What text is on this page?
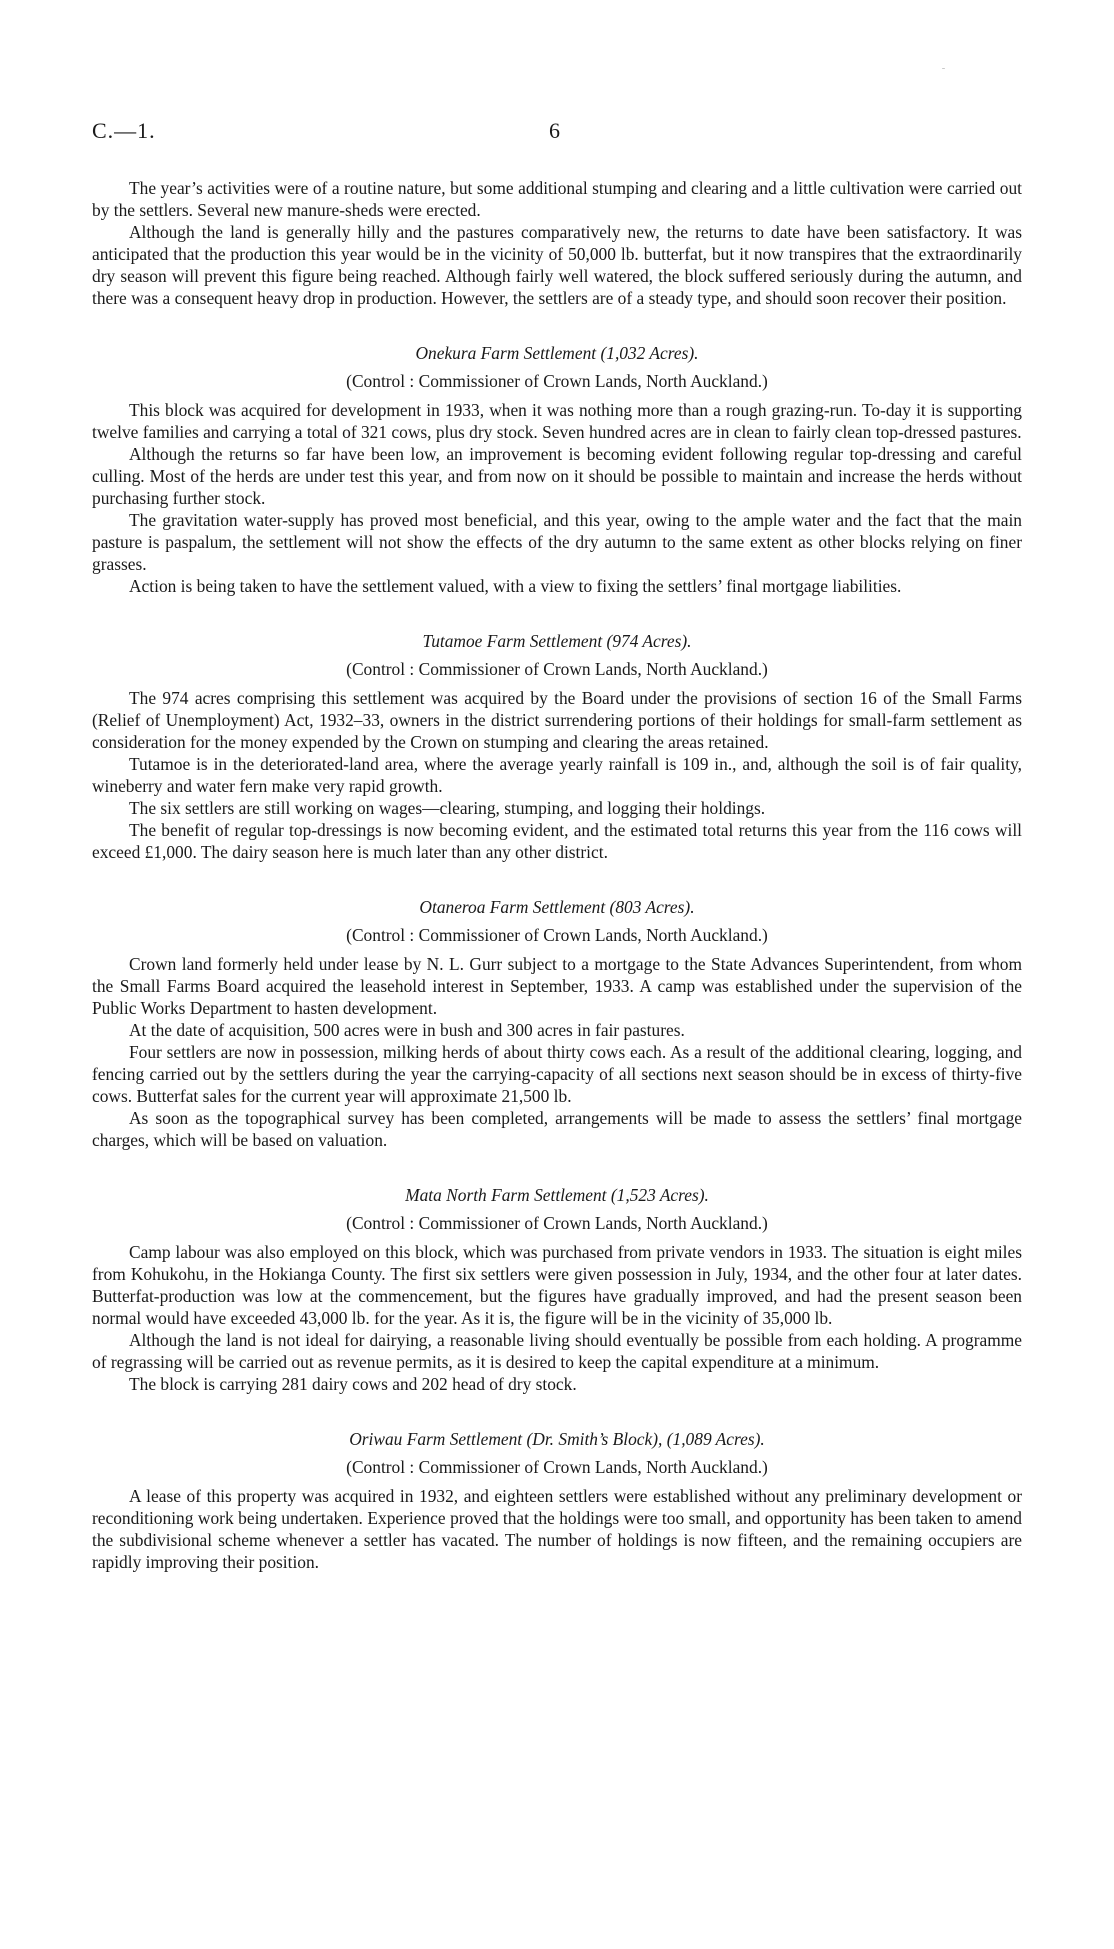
C.—1.	6

The year’s activities were of a routine nature, but some additional stumping and clearing and a little cultivation were carried out by the settlers. Several new manure-sheds were erected.

Although the land is generally hilly and the pastures comparatively new, the returns to date have been satisfactory. It was anticipated that the production this year would be in the vicinity of 50,000 lb. butterfat, but it now transpires that the extraordinarily dry season will prevent this figure being reached. Although fairly well watered, the block suffered seriously during the autumn, and there was a consequent heavy drop in production. However, the settlers are of a steady type, and should soon recover their position.

Onekura Farm Settlement (1,032 Acres).
(Control : Commissioner of Crown Lands, North Auckland.)

This block was acquired for development in 1933, when it was nothing more than a rough grazing-run. To-day it is supporting twelve families and carrying a total of 321 cows, plus dry stock. Seven hundred acres are in clean to fairly clean top-dressed pastures.

Although the returns so far have been low, an improvement is becoming evident following regular top-dressing and careful culling. Most of the herds are under test this year, and from now on it should be possible to maintain and increase the herds without purchasing further stock.

The gravitation water-supply has proved most beneficial, and this year, owing to the ample water and the fact that the main pasture is paspalum, the settlement will not show the effects of the dry autumn to the same extent as other blocks relying on finer grasses.

Action is being taken to have the settlement valued, with a view to fixing the settlers’ final mortgage liabilities.

Tutamoe Farm Settlement (974 Acres).
(Control : Commissioner of Crown Lands, North Auckland.)

The 974 acres comprising this settlement was acquired by the Board under the provisions of section 16 of the Small Farms (Relief of Unemployment) Act, 1932–33, owners in the district surrendering portions of their holdings for small-farm settlement as consideration for the money expended by the Crown on stumping and clearing the areas retained.

Tutamoe is in the deteriorated-land area, where the average yearly rainfall is 109 in., and, although the soil is of fair quality, wineberry and water fern make very rapid growth.

The six settlers are still working on wages—clearing, stumping, and logging their holdings.

The benefit of regular top-dressings is now becoming evident, and the estimated total returns this year from the 116 cows will exceed £1,000. The dairy season here is much later than any other district.

Otaneroa Farm Settlement (803 Acres).
(Control : Commissioner of Crown Lands, North Auckland.)

Crown land formerly held under lease by N. L. Gurr subject to a mortgage to the State Advances Superintendent, from whom the Small Farms Board acquired the leasehold interest in September, 1933. A camp was established under the supervision of the Public Works Department to hasten development.

At the date of acquisition, 500 acres were in bush and 300 acres in fair pastures.

Four settlers are now in possession, milking herds of about thirty cows each. As a result of the additional clearing, logging, and fencing carried out by the settlers during the year the carrying-capacity of all sections next season should be in excess of thirty-five cows. Butterfat sales for the current year will approximate 21,500 lb.

As soon as the topographical survey has been completed, arrangements will be made to assess the settlers’ final mortgage charges, which will be based on valuation.

Mata North Farm Settlement (1,523 Acres).
(Control : Commissioner of Crown Lands, North Auckland.)

Camp labour was also employed on this block, which was purchased from private vendors in 1933. The situation is eight miles from Kohukohu, in the Hokianga County. The first six settlers were given possession in July, 1934, and the other four at later dates. Butterfat-production was low at the commencement, but the figures have gradually improved, and had the present season been normal would have exceeded 43,000 lb. for the year. As it is, the figure will be in the vicinity of 35,000 lb.

Although the land is not ideal for dairying, a reasonable living should eventually be possible from each holding. A programme of regrassing will be carried out as revenue permits, as it is desired to keep the capital expenditure at a minimum.

The block is carrying 281 dairy cows and 202 head of dry stock.

Oriwau Farm Settlement (Dr. Smith’s Block), (1,089 Acres).
(Control : Commissioner of Crown Lands, North Auckland.)

A lease of this property was acquired in 1932, and eighteen settlers were established without any preliminary development or reconditioning work being undertaken. Experience proved that the holdings were too small, and opportunity has been taken to amend the subdivisional scheme whenever a settler has vacated. The number of holdings is now fifteen, and the remaining occupiers are rapidly improving their position.
